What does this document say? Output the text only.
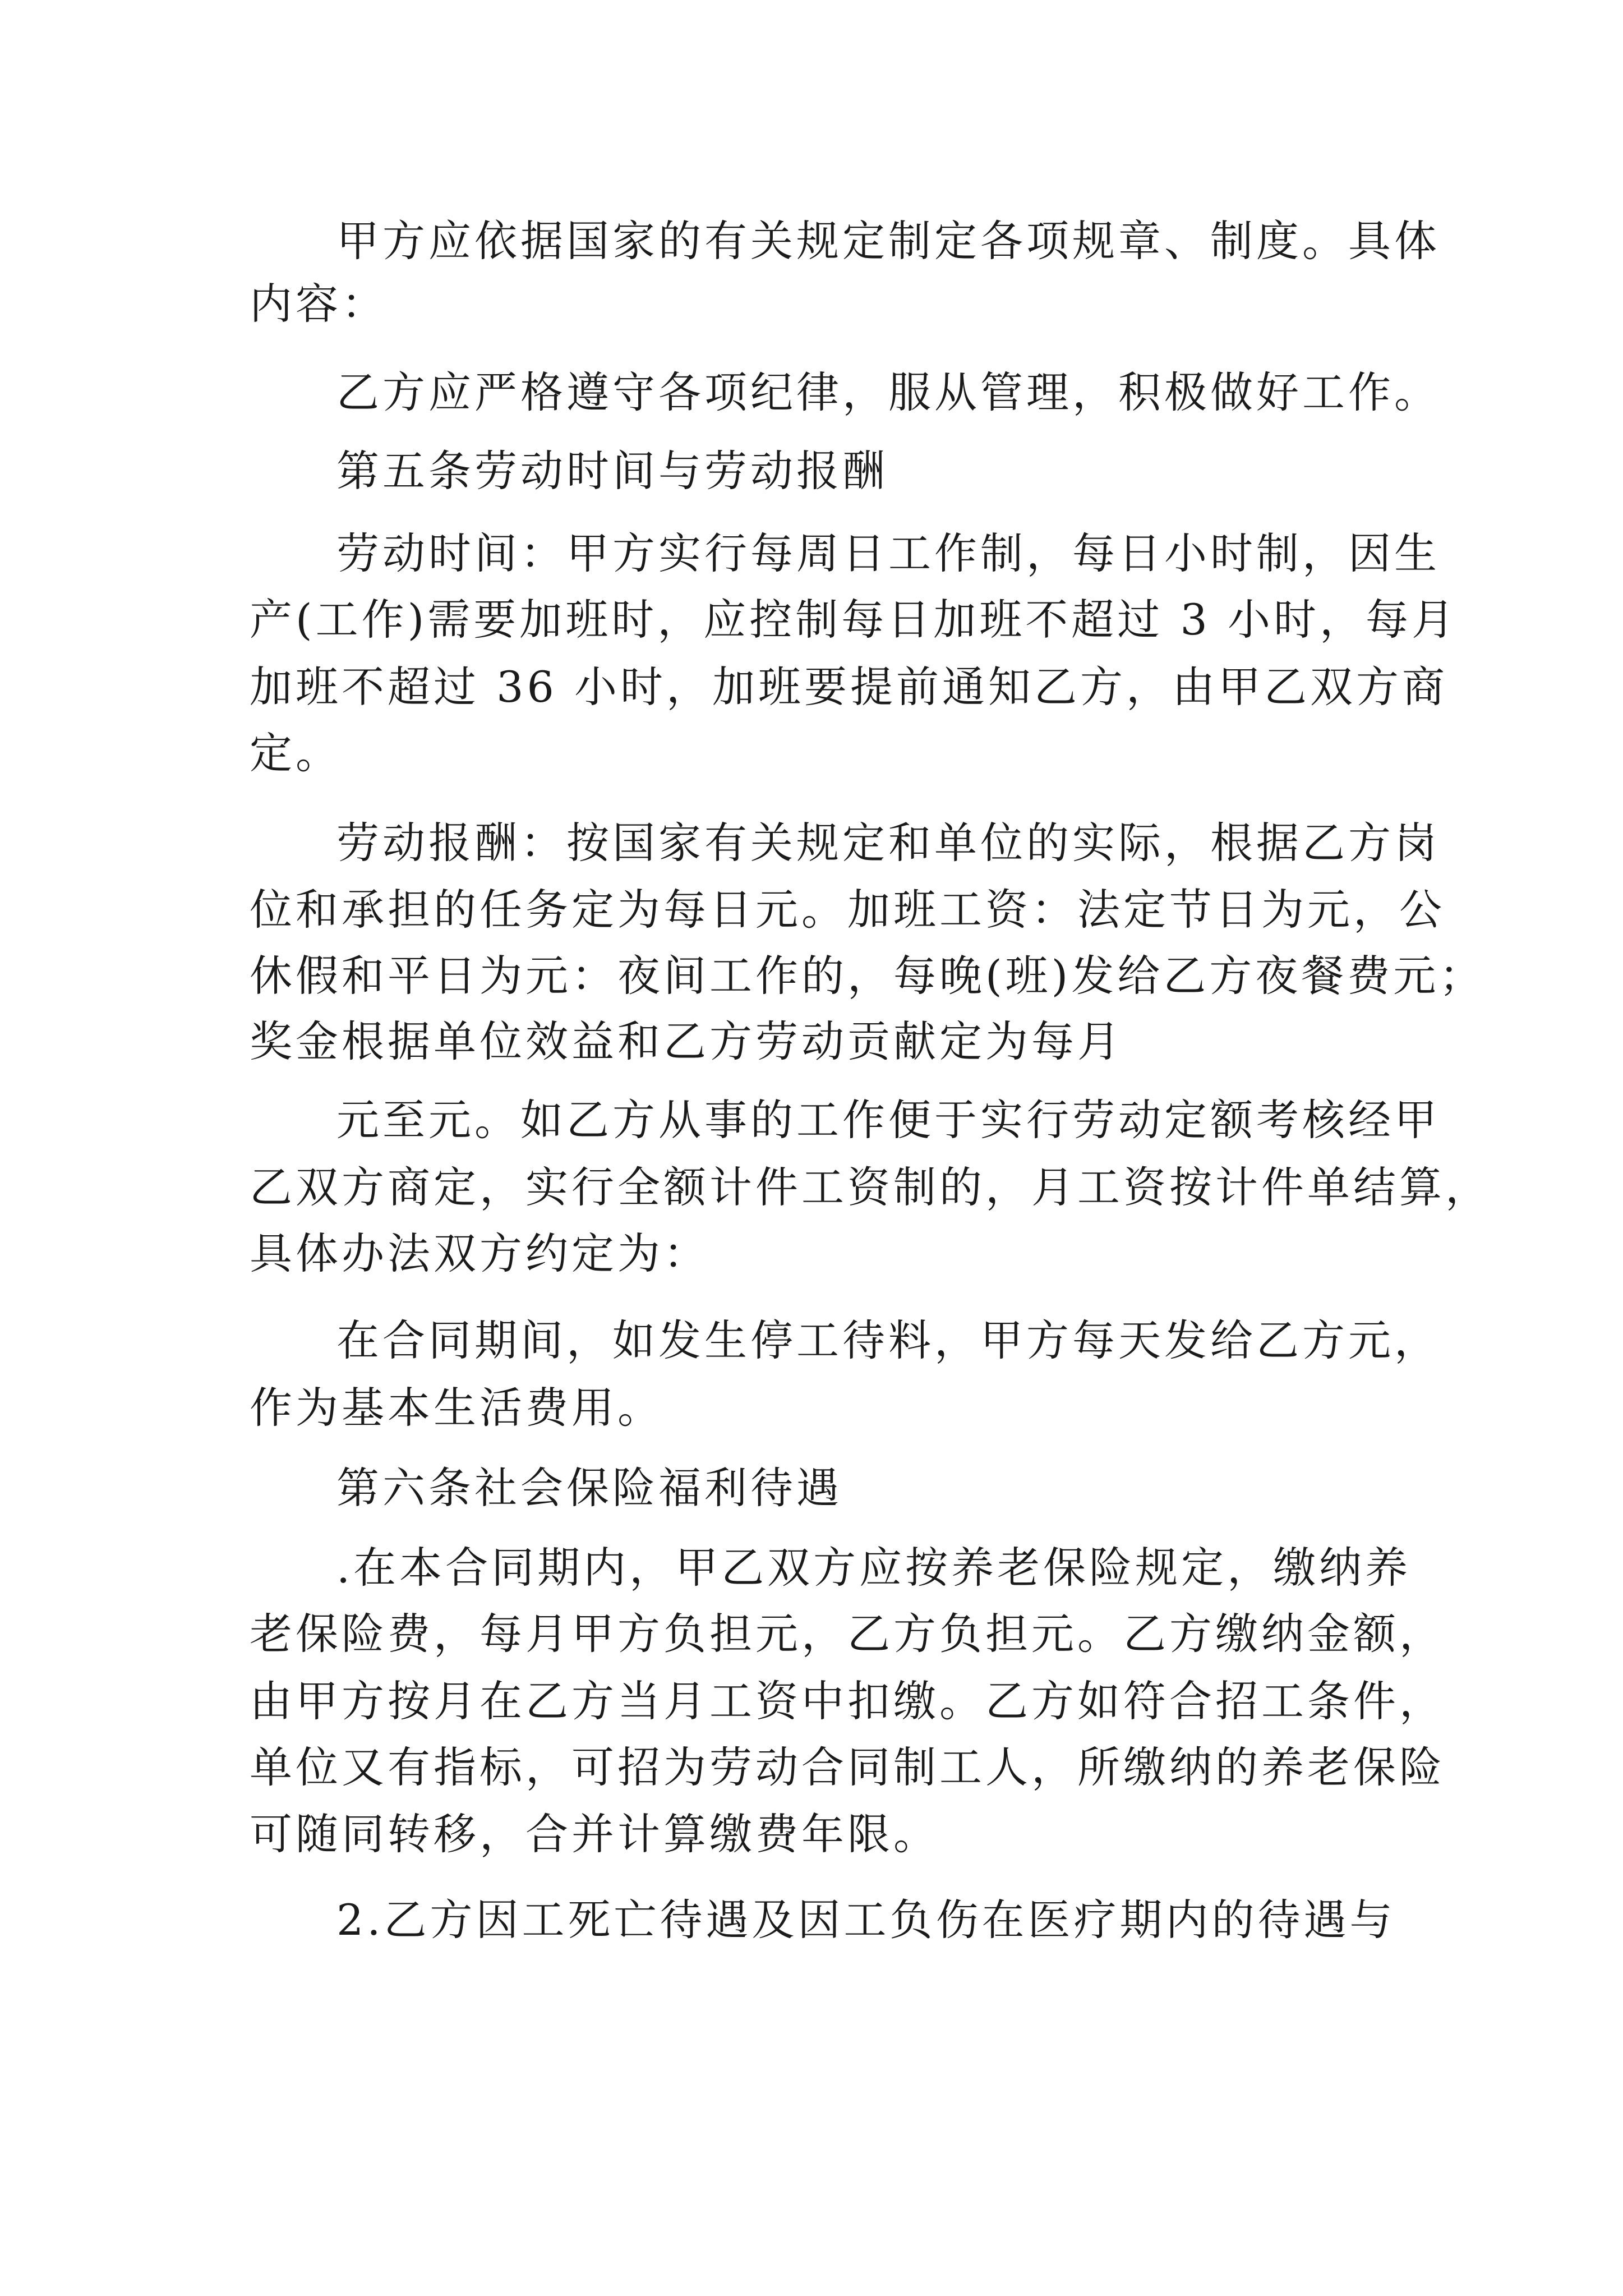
甲方应依据国家的有关规定制定各项规章、制度。具体
内容：
乙方应严格遵守各项纪律，服从管理，积极做好工作。
第五条劳动时间与劳动报酬
劳动时间：甲方实行每周日工作制，每日小时制，因生
产(工作)需要加班时，应控制每日加班不超过 3 小时，每月
加班不超过 36 小时，加班要提前通知乙方，由甲乙双方商
定。
劳动报酬：按国家有关规定和单位的实际，根据乙方岗
位和承担的任务定为每日元。加班工资：法定节日为元，公
休假和平日为元：夜间工作的，每晚(班)发给乙方夜餐费元；
奖金根据单位效益和乙方劳动贡献定为每月
元至元。如乙方从事的工作便于实行劳动定额考核经甲
乙双方商定，实行全额计件工资制的，月工资按计件单结算，
具体办法双方约定为：
在合同期间，如发生停工待料，甲方每天发给乙方元，
作为基本生活费用。
第六条社会保险福利待遇
.在本合同期内，甲乙双方应按养老保险规定，缴纳养
老保险费，每月甲方负担元，乙方负担元。乙方缴纳金额，
由甲方按月在乙方当月工资中扣缴。乙方如符合招工条件，
单位又有指标，可招为劳动合同制工人，所缴纳的养老保险
可随同转移，合并计算缴费年限。
2.乙方因工死亡待遇及因工负伤在医疗期内的待遇与
